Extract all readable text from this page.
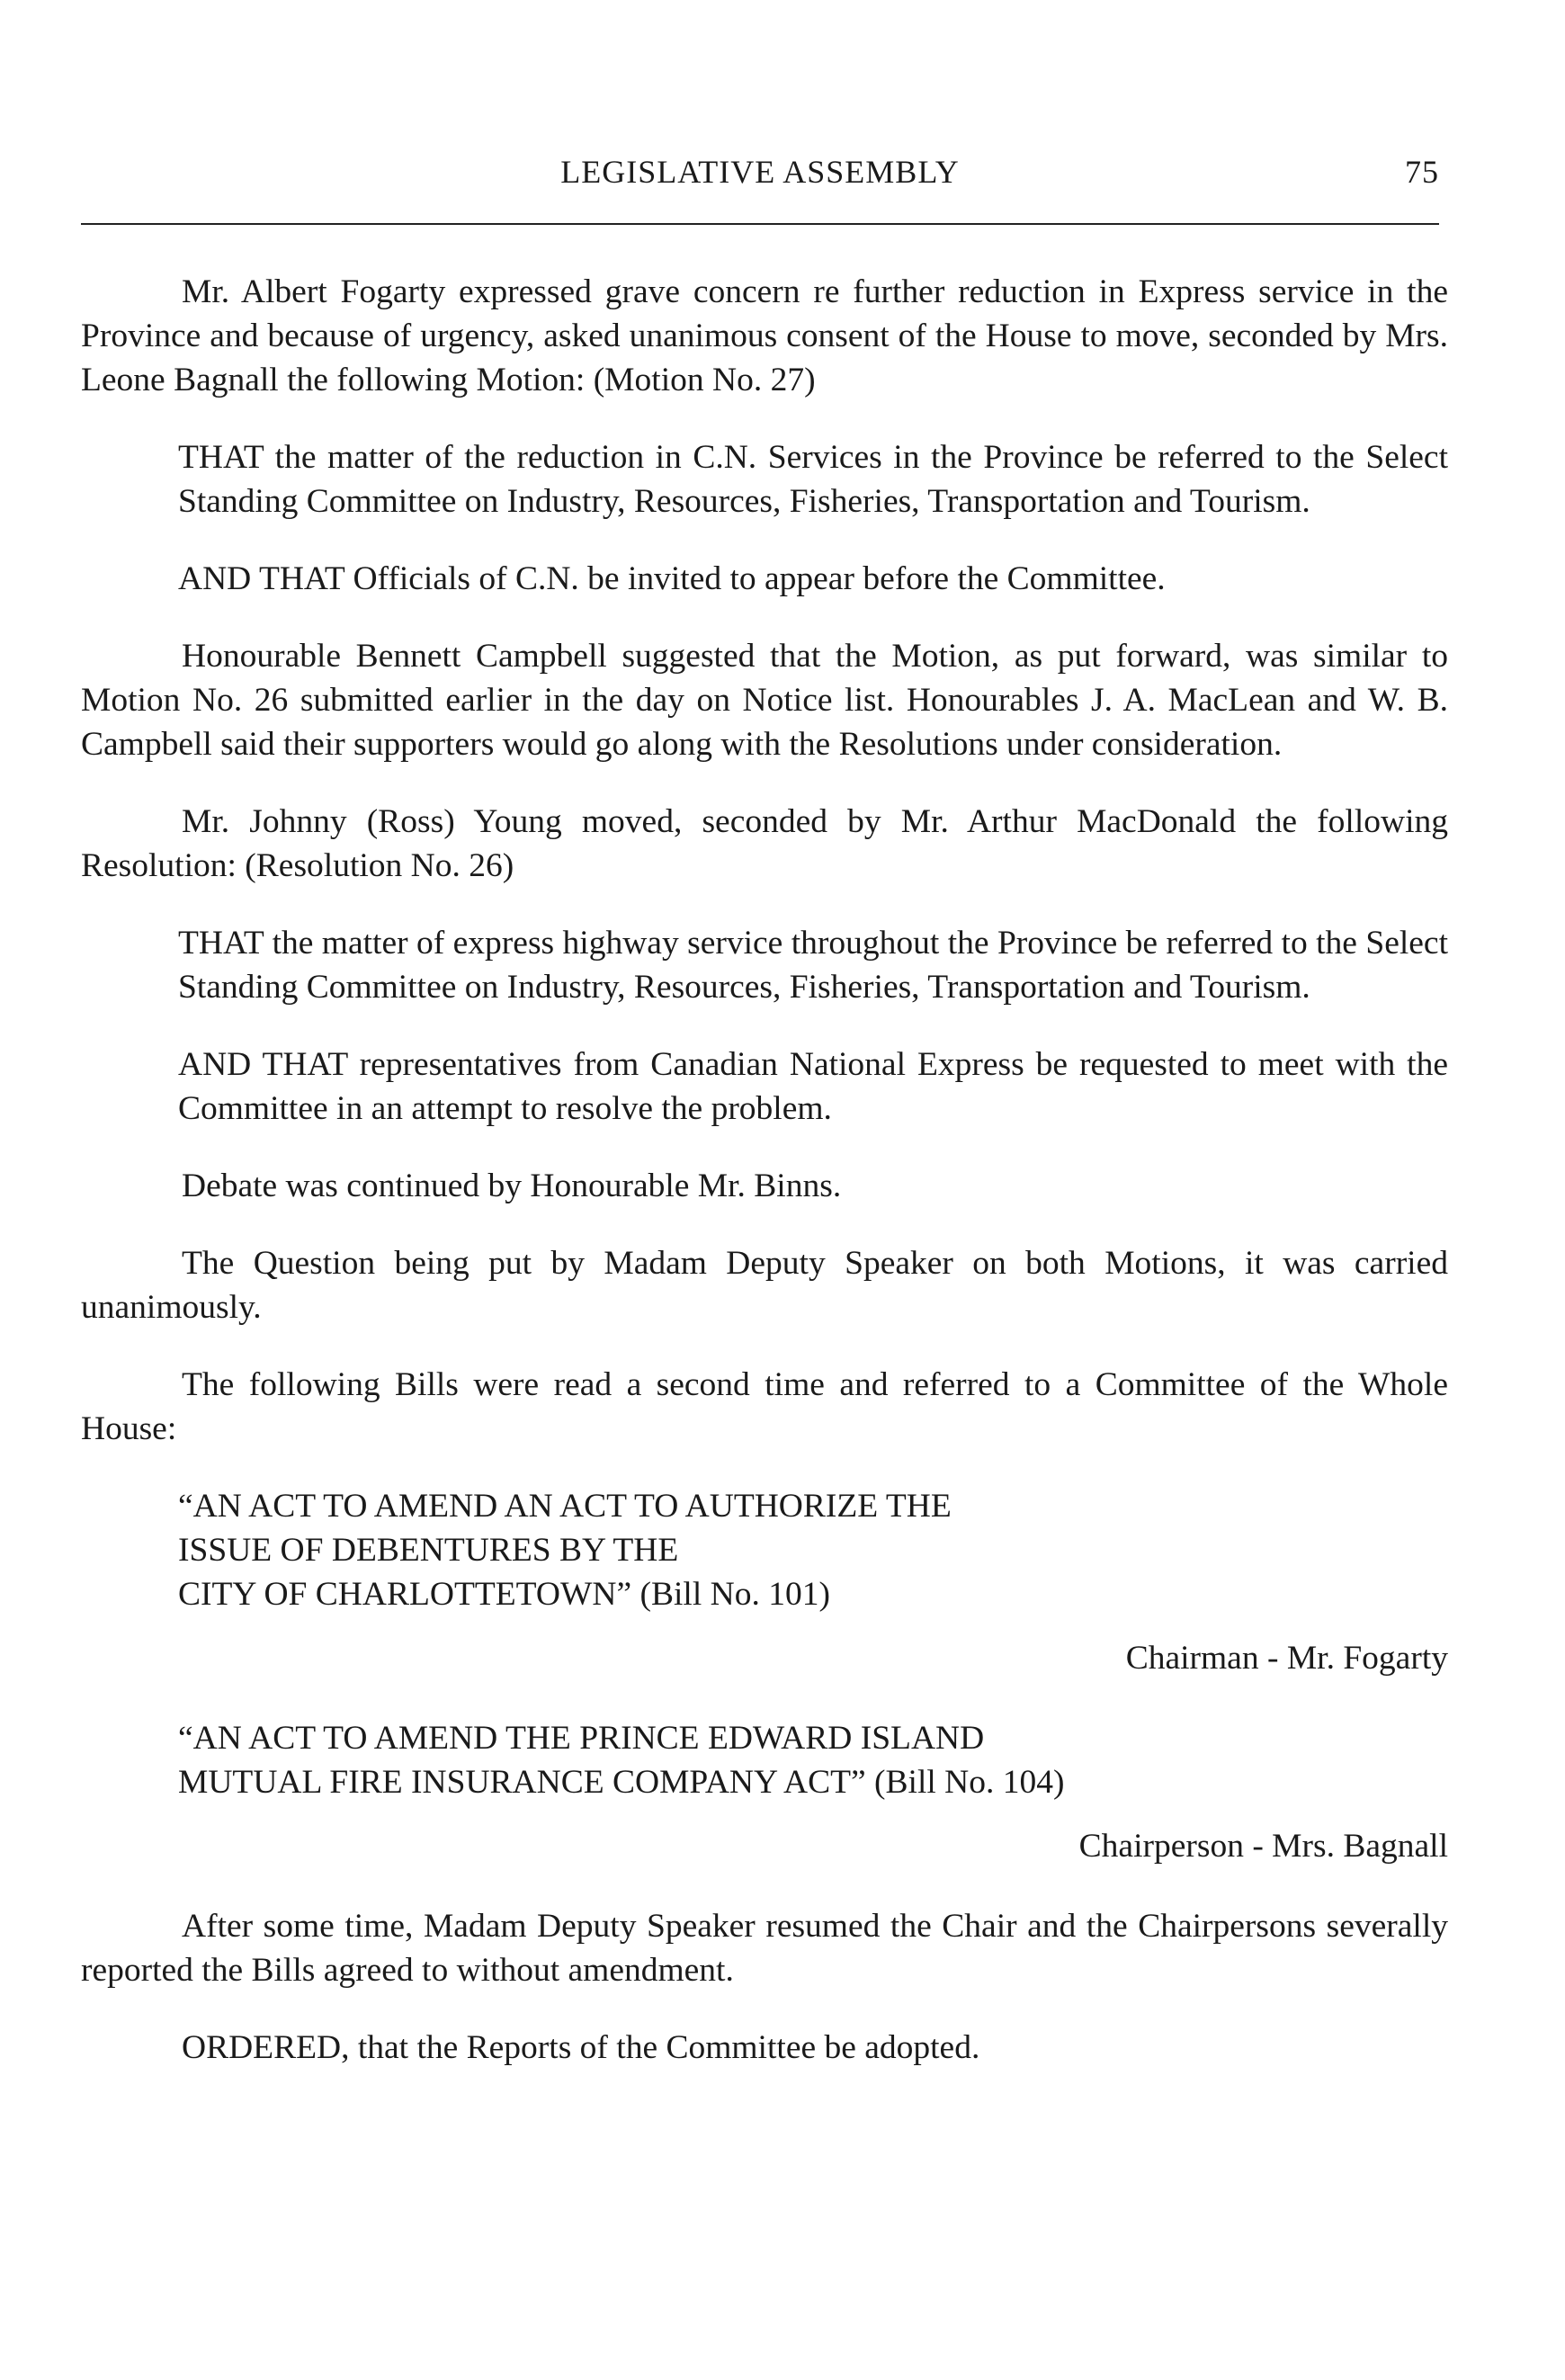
LEGISLATIVE ASSEMBLY	75

Mr. Albert Fogarty expressed grave concern re further reduction in Express service in the Province and because of urgency, asked unanimous consent of the House to move, seconded by Mrs. Leone Bagnall the following Motion: (Motion No. 27)

THAT the matter of the reduction in C.N. Services in the Province be referred to the Select Standing Committee on Industry, Resources, Fisheries, Transportation and Tourism.

AND THAT Officials of C.N. be invited to appear before the Committee.

Honourable Bennett Campbell suggested that the Motion, as put forward, was similar to Motion No. 26 submitted earlier in the day on Notice list. Honourables J. A. MacLean and W. B. Campbell said their supporters would go along with the Resolutions under consideration.

Mr. Johnny (Ross) Young moved, seconded by Mr. Arthur MacDonald the following Resolution: (Resolution No. 26)

THAT the matter of express highway service throughout the Province be referred to the Select Standing Committee on Industry, Resources, Fisheries, Transportation and Tourism.

AND THAT representatives from Canadian National Express be requested to meet with the Committee in an attempt to resolve the problem.

Debate was continued by Honourable Mr. Binns.

The Question being put by Madam Deputy Speaker on both Motions, it was carried unanimously.

The following Bills were read a second time and referred to a Committee of the Whole House:

“AN ACT TO AMEND AN ACT TO AUTHORIZE THE
ISSUE OF DEBENTURES BY THE
CITY OF CHARLOTTETOWN” (Bill No. 101)
Chairman - Mr. Fogarty
“AN ACT TO AMEND THE PRINCE EDWARD ISLAND
MUTUAL FIRE INSURANCE COMPANY ACT” (Bill No. 104)
Chairperson - Mrs. Bagnall

After some time, Madam Deputy Speaker resumed the Chair and the Chairpersons severally reported the Bills agreed to without amendment.

ORDERED, that the Reports of the Committee be adopted.
